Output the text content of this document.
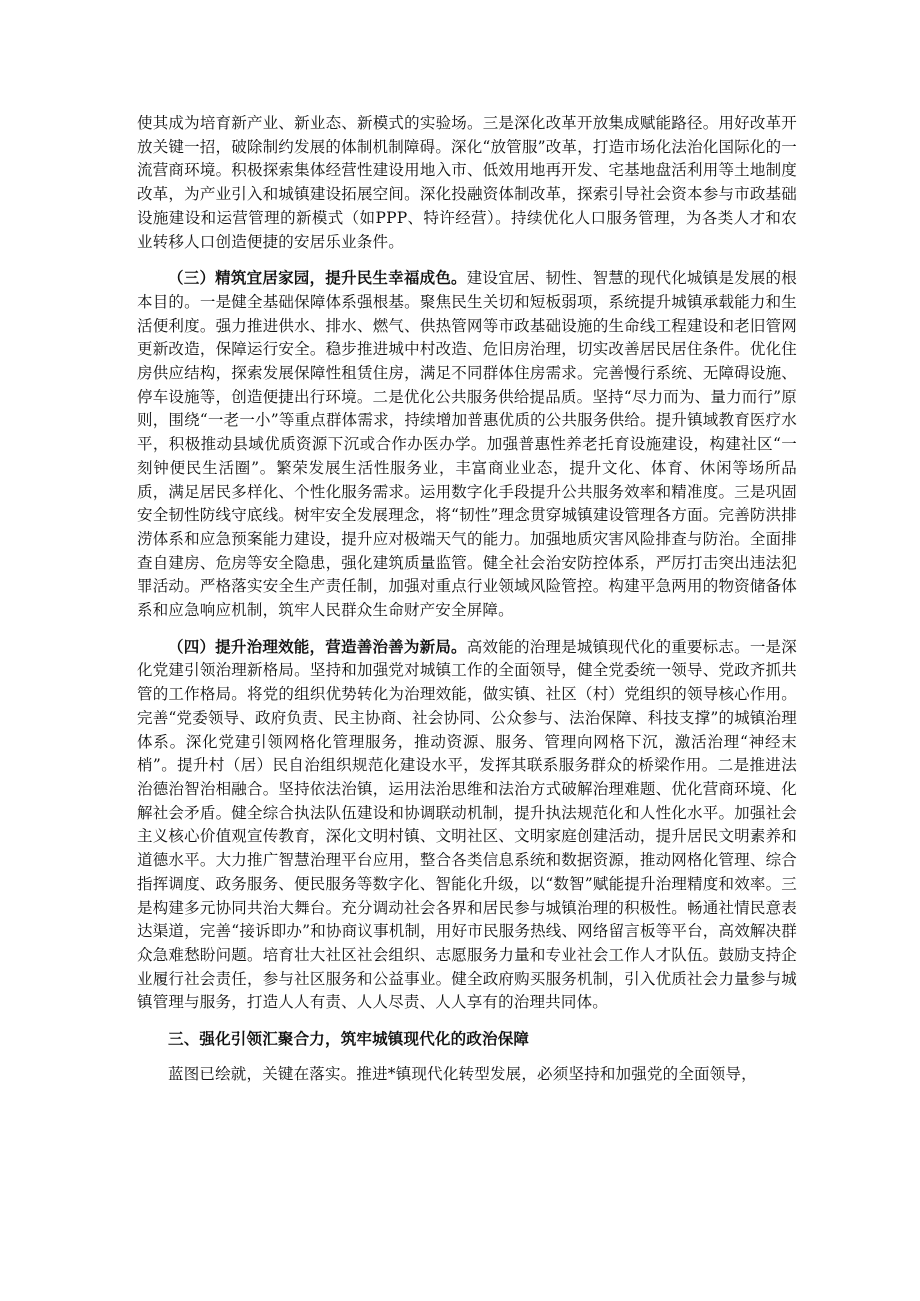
使其成为培育新产业、新业态、新模式的实验场。三是深化改革开放集成赋能路径。用好改革开放关键一招，破除制约发展的体制机制障碍。深化“放管服”改革，打造市场化法治化国际化的一流营商环境。积极探索集体经营性建设用地入市、低效用地再开发、宅基地盘活利用等土地制度改革，为产业引入和城镇建设拓展空间。深化投融资体制改革，探索引导社会资本参与市政基础设施建设和运营管理的新模式（如PPP、特许经营）。持续优化人口服务管理，为各类人才和农业转移人口创造便捷的安居乐业条件。

（三）精筑宜居家园，提升民生幸福成色。建设宜居、韧性、智慧的现代化城镇是发展的根本目的。一是健全基础保障体系强根基。聚焦民生关切和短板弱项，系统提升城镇承载能力和生活便利度。强力推进供水、排水、燃气、供热管网等市政基础设施的生命线工程建设和老旧管网更新改造，保障运行安全。稳步推进城中村改造、危旧房治理，切实改善居民居住条件。优化住房供应结构，探索发展保障性租赁住房，满足不同群体住房需求。完善慢行系统、无障碍设施、停车设施等，创造便捷出行环境。二是优化公共服务供给提品质。坚持“尽力而为、量力而行”原则，围绕“一老一小”等重点群体需求，持续增加普惠优质的公共服务供给。提升镇域教育医疗水平，积极推动县域优质资源下沉或合作办医办学。加强普惠性养老托育设施建设，构建社区“一刻钟便民生活圈”。繁荣发展生活性服务业，丰富商业业态，提升文化、体育、休闲等场所品质，满足居民多样化、个性化服务需求。运用数字化手段提升公共服务效率和精准度。三是巩固安全韧性防线守底线。树牢安全发展理念，将“韧性”理念贯穿城镇建设管理各方面。完善防洪排涝体系和应急预案能力建设，提升应对极端天气的能力。加强地质灾害风险排查与防治。全面排查自建房、危房等安全隐患，强化建筑质量监管。健全社会治安防控体系，严厉打击突出违法犯罪活动。严格落实安全生产责任制，加强对重点行业领域风险管控。构建平急两用的物资储备体系和应急响应机制，筑牢人民群众生命财产安全屏障。

（四）提升治理效能，营造善治善为新局。高效能的治理是城镇现代化的重要标志。一是深化党建引领治理新格局。坚持和加强党对城镇工作的全面领导，健全党委统一领导、党政齐抓共管的工作格局。将党的组织优势转化为治理效能，做实镇、社区（村）党组织的领导核心作用。完善“党委领导、政府负责、民主协商、社会协同、公众参与、法治保障、科技支撑”的城镇治理体系。深化党建引领网格化管理服务，推动资源、服务、管理向网格下沉，激活治理“神经末梢”。提升村（居）民自治组织规范化建设水平，发挥其联系服务群众的桥梁作用。二是推进法治德治智治相融合。坚持依法治镇，运用法治思维和法治方式破解治理难题、优化营商环境、化解社会矛盾。健全综合执法队伍建设和协调联动机制，提升执法规范化和人性化水平。加强社会主义核心价值观宣传教育，深化文明村镇、文明社区、文明家庭创建活动，提升居民文明素养和道德水平。大力推广智慧治理平台应用，整合各类信息系统和数据资源，推动网格化管理、综合指挥调度、政务服务、便民服务等数字化、智能化升级，以“数智”赋能提升治理精度和效率。三是构建多元协同共治大舞台。充分调动社会各界和居民参与城镇治理的积极性。畅通社情民意表达渠道，完善“接诉即办”和协商议事机制，用好市民服务热线、网络留言板等平台，高效解决群众急难愁盼问题。培育壮大社区社会组织、志愿服务力量和专业社会工作人才队伍。鼓励支持企业履行社会责任，参与社区服务和公益事业。健全政府购买服务机制，引入优质社会力量参与城镇管理与服务，打造人人有责、人人尽责、人人享有的治理共同体。

三、强化引领汇聚合力，筑牢城镇现代化的政治保障

蓝图已绘就，关键在落实。推进*镇现代化转型发展，必须坚持和加强党的全面领导，
